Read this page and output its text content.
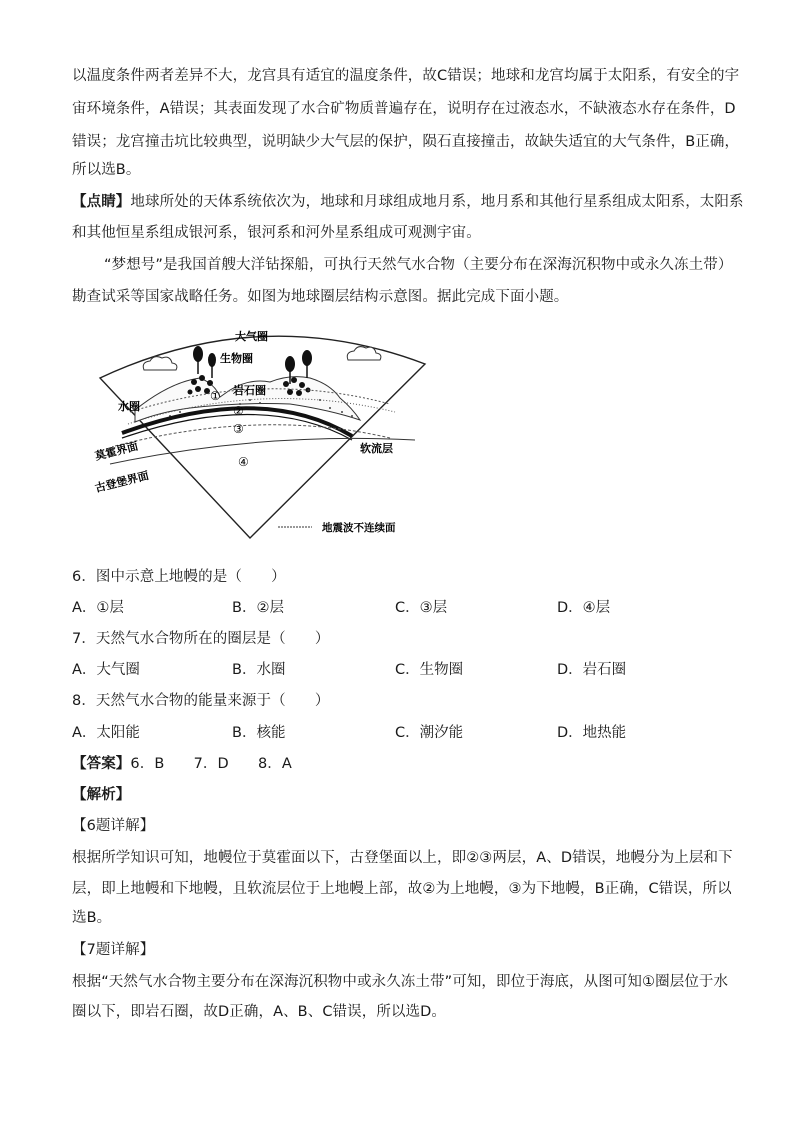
以温度条件两者差异不大，龙宫具有适宜的温度条件，故C错误；地球和龙宫均属于太阳系，有安全的宇
宙环境条件，A错误；其表面发现了水合矿物质普遍存在，说明存在过液态水，不缺液态水存在条件，D
错误；龙宫撞击坑比较典型，说明缺少大气层的保护，陨石直接撞击，故缺失适宜的大气条件，B正确，
所以选B。
【点睛】地球所处的天体系统依次为，地球和月球组成地月系，地月系和其他行星系组成太阳系，太阳系
和其他恒星系组成银河系，银河系和河外星系组成可观测宇宙。
“梦想号”是我国首艘大洋钻探船，可执行天然气水合物（主要分布在深海沉积物中或永久冻土带）
勘查试采等国家战略任务。如图为地球圈层结构示意图。据此完成下面小题。
大气圈
生物圈
水圈
岩石圈
①
②
③
④
莫霍界面
古登堡界面
软流层
地震波不连续面
6．图中示意上地幔的是（　　）
A．①层	B．②层	C．③层	D．④层
7．天然气水合物所在的圈层是（　　）
A．大气圈	B．水圈	C．生物圈	D．岩石圈
8．天然气水合物的能量来源于（　　）
A．太阳能	B．核能	C．潮汐能	D．地热能
【答案】6．B　　7．D　　8．A
【解析】
【6题详解】
根据所学知识可知，地幔位于莫霍面以下，古登堡面以上，即②③两层，A、D错误，地幔分为上层和下
层，即上地幔和下地幔，且软流层位于上地幔上部，故②为上地幔，③为下地幔，B正确，C错误，所以
选B。
【7题详解】
根据“天然气水合物主要分布在深海沉积物中或永久冻土带”可知，即位于海底，从图可知①圈层位于水
圈以下，即岩石圈，故D正确，A、B、C错误，所以选D。
